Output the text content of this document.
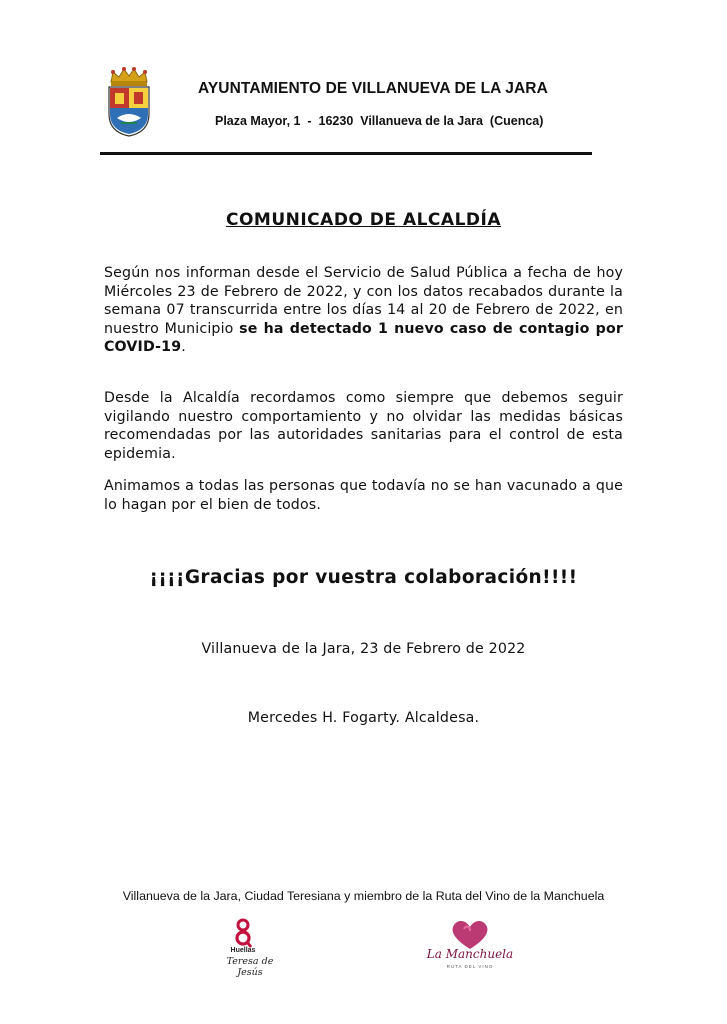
AYUNTAMIENTO DE VILLANUEVA DE LA JARA
Plaza Mayor, 1  -  16230  Villanueva de la Jara  (Cuenca)
COMUNICADO DE ALCALDÍA
Según nos informan desde el Servicio de Salud Pública a fecha de hoy Miércoles 23 de Febrero de 2022, y con los datos recabados durante la semana 07 transcurrida entre los días 14 al 20 de Febrero de 2022, en nuestro Municipio se ha detectado 1 nuevo caso de contagio por COVID-19.
Desde la Alcaldía recordamos como siempre que debemos seguir vigilando nuestro comportamiento y no olvidar las medidas básicas recomendadas por las autoridades sanitarias para el control de esta epidemia.
Animamos a todas las personas que todavía no se han vacunado a que lo hagan por el bien de todos.
¡¡¡¡Gracias por vuestra colaboración!!!!
Villanueva de la Jara, 23 de Febrero de 2022
Mercedes H. Fogarty. Alcaldesa.
Villanueva de la Jara, Ciudad Teresiana y miembro de la Ruta del Vino de la Manchuela
Huellas
Teresa de Jesús
La Manchuela
RUTA DEL VINO
